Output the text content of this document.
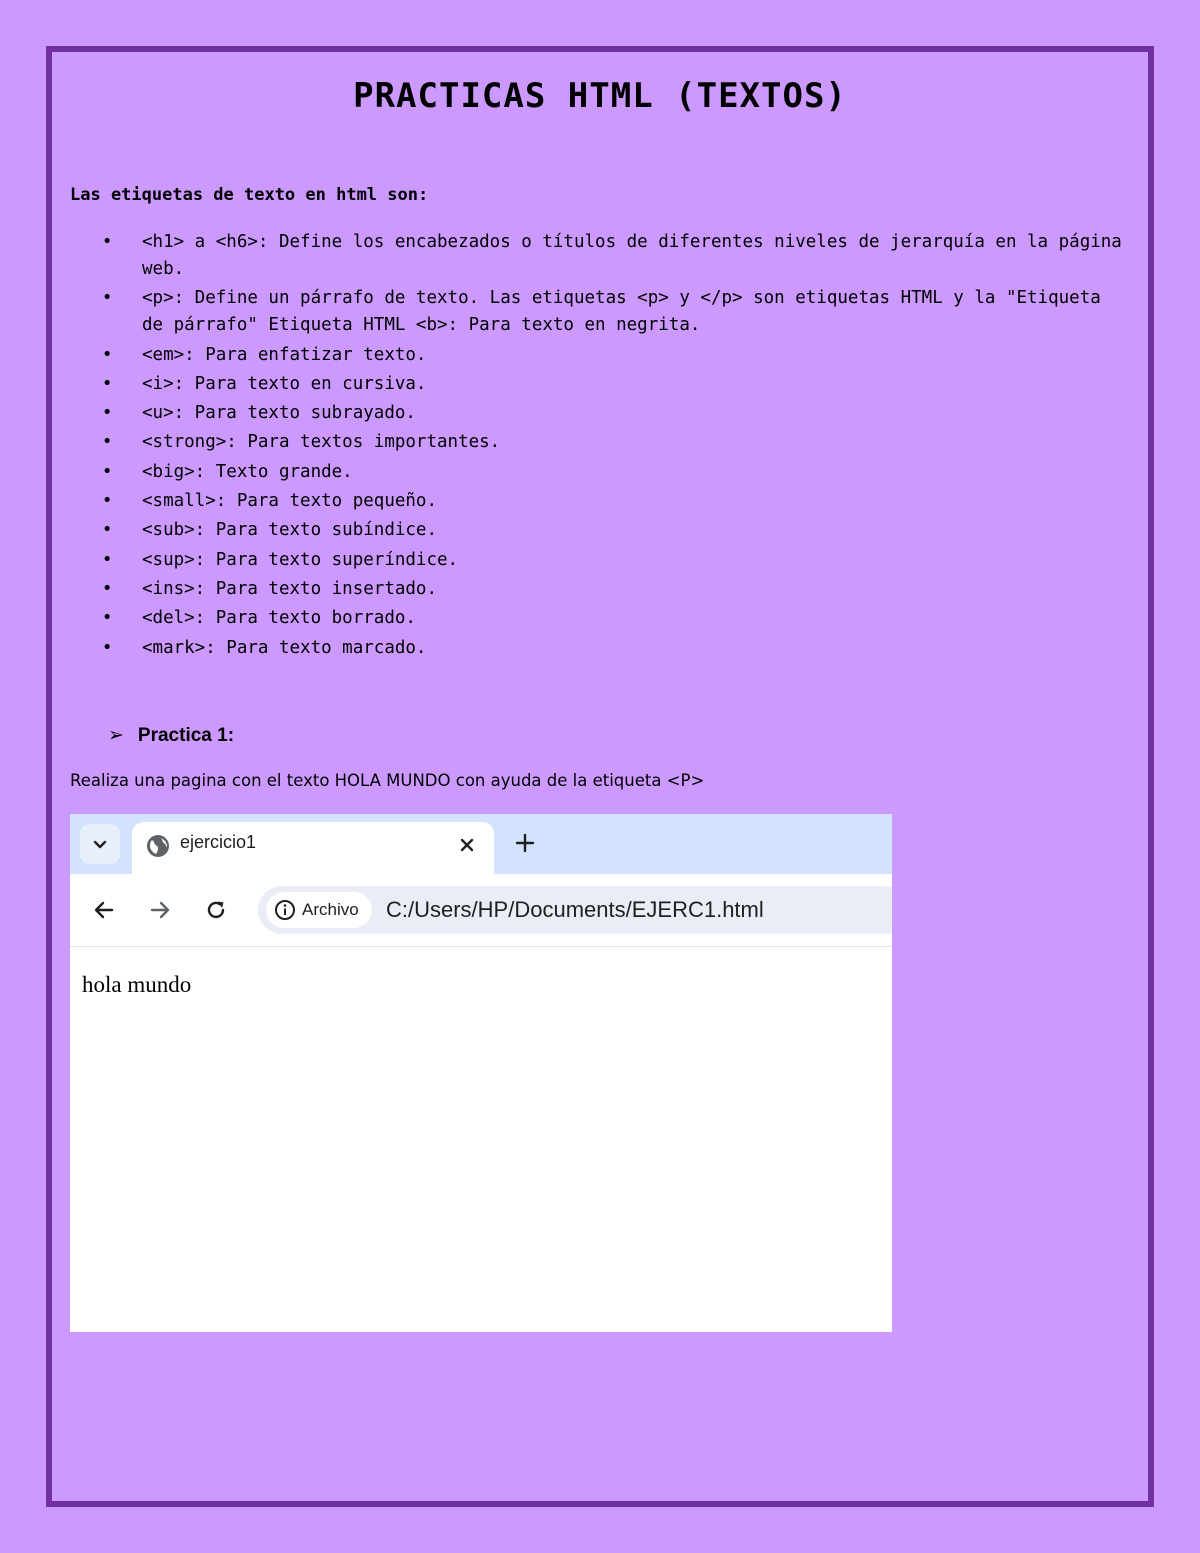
PRACTICAS HTML (TEXTOS)

Las etiquetas de texto en html son:

• <h1> a <h6>: Define los encabezados o títulos de diferentes niveles de jerarquía en la página web.
• <p>: Define un párrafo de texto. Las etiquetas <p> y </p> son etiquetas HTML y la "Etiqueta de párrafo" Etiqueta HTML <b>: Para texto en negrita.
• <em>: Para enfatizar texto.
• <i>: Para texto en cursiva.
• <u>: Para texto subrayado.
• <strong>: Para textos importantes.
• <big>: Texto grande.
• <small>: Para texto pequeño.
• <sub>: Para texto subíndice.
• <sup>: Para texto superíndice.
• <ins>: Para texto insertado.
• <del>: Para texto borrado.
• <mark>: Para texto marcado.

➢ Practica 1:

Realiza una pagina con el texto HOLA MUNDO con ayuda de la etiqueta <P>

ejercicio1
Archivo C:/Users/HP/Documents/EJERC1.html
hola mundo
